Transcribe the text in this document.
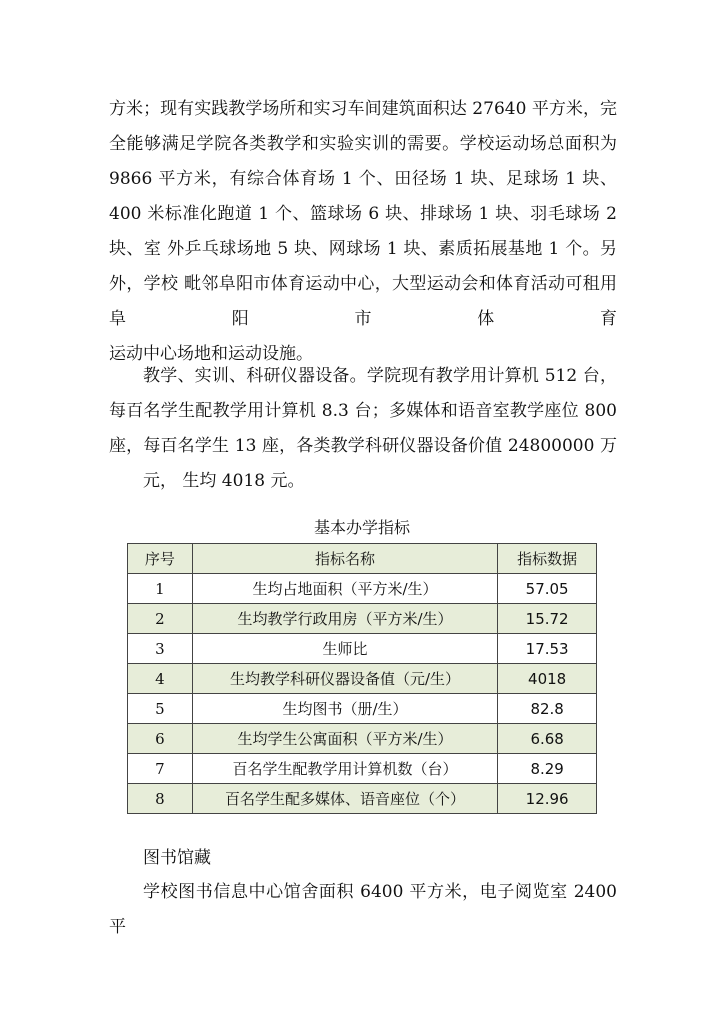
方米；现有实践教学场所和实习车间建筑面积达 27640 平方米，完 全能够满足学院各类教学和实验实训的需要。学校运动场总面积为 9866 平方米，有综合体育场 1 个、田径场 1 块、足球场 1 块、400 米标准化跑道 1 个、篮球场 6 块、排球场 1 块、羽毛球场 2 块、室 外乒乓球场地 5 块、网球场 1 块、素质拓展基地 1 个。另外，学校 毗邻阜阳市体育运动中心，大型运动会和体育活动可租用阜阳市体育
运动中心场地和运动设施。

教学、实训、科研仪器设备。学院现有教学用计算机 512 台， 每百名学生配教学用计算机 8.3 台；多媒体和语音室教学座位 800 座，每百名学生 13 座，各类教学科研仪器设备价值 24800000 万
元， 生均 4018 元。

基本办学指标
序号	指标名称	指标数据
1	生均占地面积（平方米/生）	57.05
2	生均教学行政用房（平方米/生）	15.72
3	生师比	17.53
4	生均教学科研仪器设备值（元/生）	4018
5	生均图书（册/生）	82.8
6	生均学生公寓面积（平方米/生）	6.68
7	百名学生配教学用计算机数（台）	8.29
8	百名学生配多媒体、语音座位（个）	12.96
图书馆藏

学校图书信息中心馆舍面积 6400 平方米，电子阅览室 2400 平
